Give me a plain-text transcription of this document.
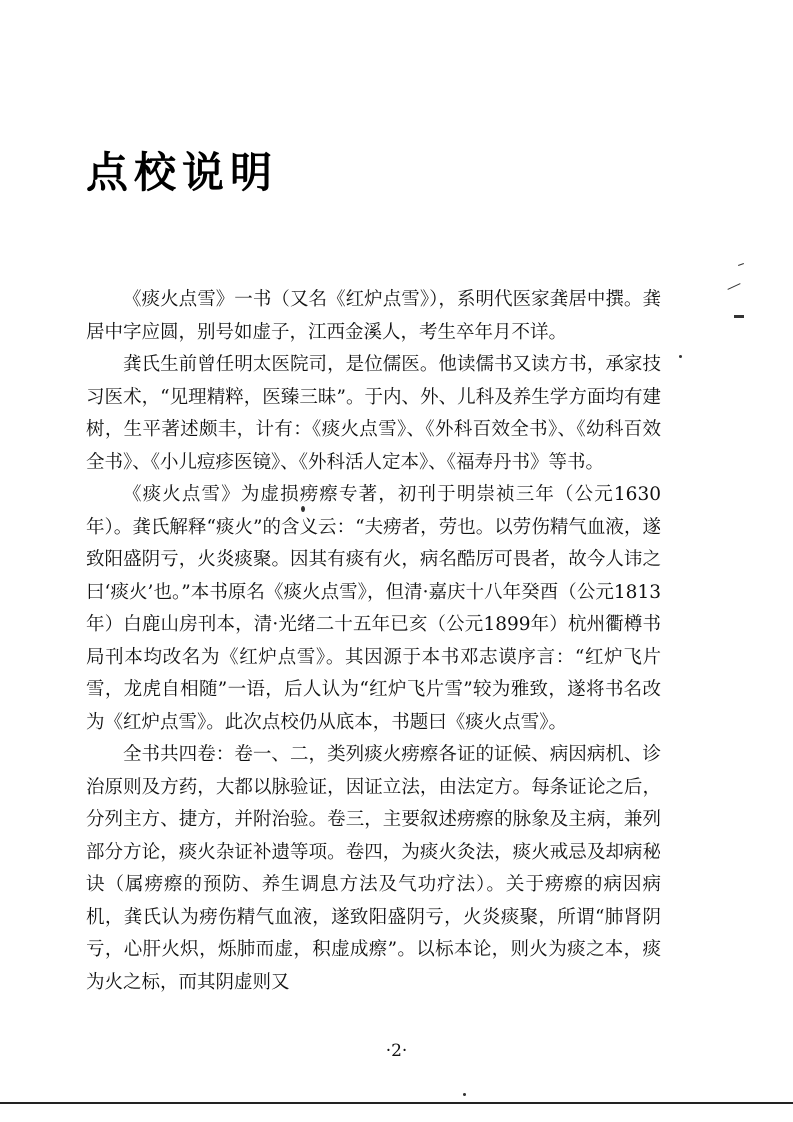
点校说明

《痰火点雪》一书（又名《红炉点雪》），系明代医家龚居中撰。龚居中字应圆，别号如虚子，江西金溪人，考生卒年月不详。

龚氏生前曾任明太医院司，是位儒医。他读儒书又读方书，承家技习医术，“见理精粹，医臻三昧”。于内、外、儿科及养生学方面均有建树，生平著述颇丰，计有：《痰火点雪》、《外科百效全书》、《幼科百效全书》、《小儿痘疹医镜》、《外科活人定本》、《福寿丹书》等书。

《痰火点雪》为虚损痨瘵专著，初刊于明崇祯三年（公元1630年）。龚氏解释“痰火”的含义云：“夫痨者，劳也。以劳伤精气血液，遂致阳盛阴亏，火炎痰聚。因其有痰有火，病名酷厉可畏者，故今人讳之曰‘痰火’也。”本书原名《痰火点雪》，但清·嘉庆十八年癸酉（公元1813年）白鹿山房刊本，清·光绪二十五年已亥（公元1899年）杭州衢樽书局刊本均改名为《红炉点雪》。其因源于本书邓志谟序言：“红炉飞片雪，龙虎自相随”一语，后人认为“红炉飞片雪”较为雅致，遂将书名改为《红炉点雪》。此次点校仍从底本，书题曰《痰火点雪》。

全书共四卷：卷一、二，类列痰火痨瘵各证的证候、病因病机、诊治原则及方药，大都以脉验证，因证立法，由法定方。每条证论之后，分列主方、捷方，并附治验。卷三，主要叙述痨瘵的脉象及主病，兼列部分方论，痰火杂证补遗等项。卷四，为痰火灸法，痰火戒忌及却病秘诀（属痨瘵的预防、养生调息方法及气功疗法）。关于痨瘵的病因病机，龚氏认为痨伤精气血液，遂致阳盛阴亏，火炎痰聚，所谓“肺肾阴亏，心肝火炽，烁肺而虚，积虚成瘵”。以标本论，则火为痰之本，痰为火之标，而其阴虚则又

·2·
